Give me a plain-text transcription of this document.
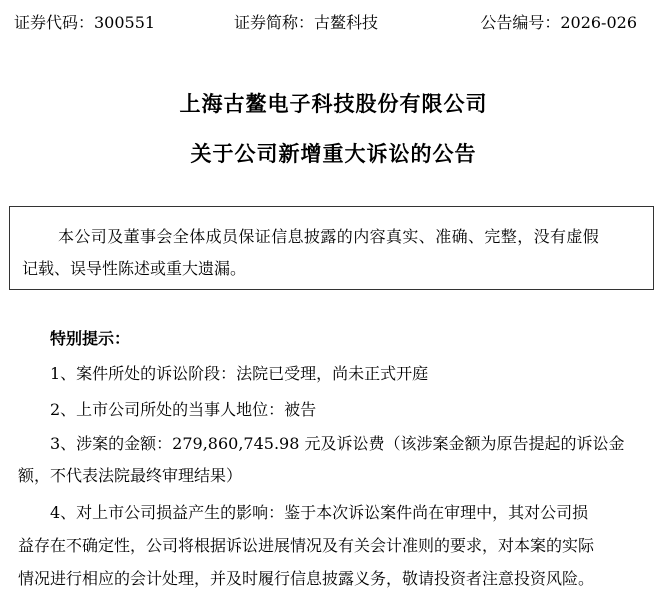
证券代码：300551	证券简称：古鳌科技	公告编号：2026-026
上海古鳌电子科技股份有限公司
关于公司新增重大诉讼的公告
本公司及董事会全体成员保证信息披露的内容真实、准确、完整，没有虚假
记载、误导性陈述或重大遗漏。
特别提示：
1、案件所处的诉讼阶段：法院已受理，尚未正式开庭
2、上市公司所处的当事人地位：被告
3、涉案的金额：279,860,745.98 元及诉讼费（该涉案金额为原告提起的诉讼金
额，不代表法院最终审理结果）
4、对上市公司损益产生的影响：鉴于本次诉讼案件尚在审理中，其对公司损
益存在不确定性，公司将根据诉讼进展情况及有关会计准则的要求，对本案的实际
情况进行相应的会计处理，并及时履行信息披露义务，敬请投资者注意投资风险。
